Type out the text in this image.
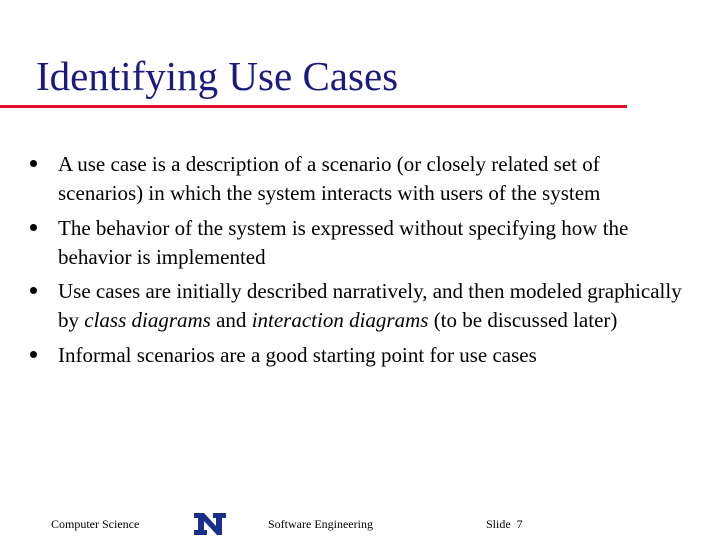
Identifying Use Cases
A use case is a description of a scenario (or closely related set of scenarios) in which the system interacts with users of the system
The behavior of the system is expressed without specifying how the behavior is implemented
Use cases are initially described narratively, and then modeled graphically by class diagrams and interaction diagrams (to be discussed later)
Informal scenarios are a good starting point for use cases
Computer Science	Software Engineering	Slide 7
